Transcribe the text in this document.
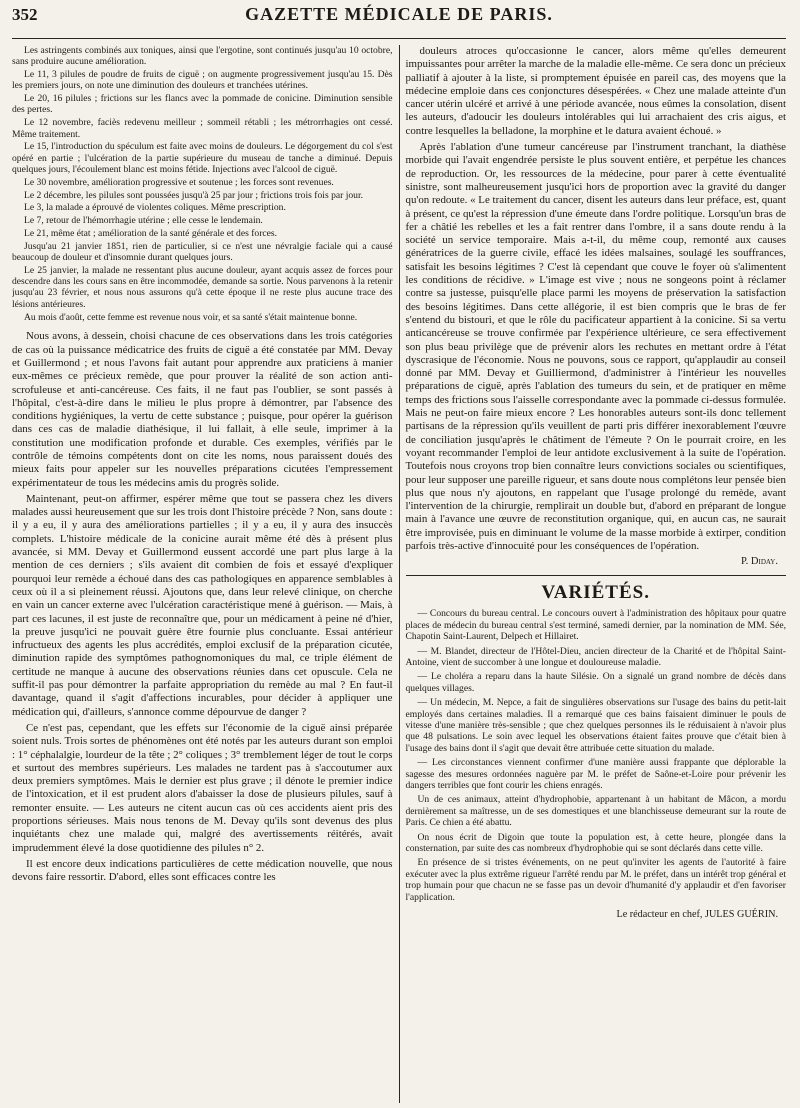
352	GAZETTE MÉDICALE DE PARIS.

Les astringents combinés aux toniques, ainsi que l'ergotine, sont continués jusqu'au 10 octobre, sans produire aucune amélioration.

Le 11, 3 pilules de poudre de fruits de ciguë ; on augmente progressivement jusqu'au 15. Dès les premiers jours, on note une diminution des douleurs et tranchées utérines.

Le 20, 16 pilules ; frictions sur les flancs avec la pommade de conicine. Diminution sensible des pertes.

Le 12 novembre, faciès redevenu meilleur ; sommeil rétabli ; les métrorrhagies ont cessé. Même traitement.

Le 15, l'introduction du spéculum est faite avec moins de douleurs. Le dégorgement du col s'est opéré en partie ; l'ulcération de la partie supérieure du museau de tanche a diminué. Depuis quelques jours, l'écoulement blanc est moins fétide. Injections avec l'alcool de ciguë.

Le 30 novembre, amélioration progressive et soutenue ; les forces sont revenues.

Le 2 décembre, les pilules sont poussées jusqu'à 25 par jour ; frictions trois fois par jour.

Le 3, la malade a éprouvé de violentes coliques. Même prescription.

Le 7, retour de l'hémorrhagie utérine ; elle cesse le lendemain.

Le 21, même état ; amélioration de la santé générale et des forces.

Jusqu'au 21 janvier 1851, rien de particulier, si ce n'est une névralgie faciale qui a causé beaucoup de douleur et d'insomnie durant quelques jours.

Le 25 janvier, la malade ne ressentant plus aucune douleur, ayant acquis assez de forces pour descendre dans les cours sans en être incommodée, demande sa sortie. Nous parvenons à la retenir jusqu'au 23 février, et nous nous assurons qu'à cette époque il ne reste plus aucune trace des lésions antérieures.

Au mois d'août, cette femme est revenue nous voir, et sa santé s'était maintenue bonne.

Nous avons, à dessein, choisi chacune de ces observations dans les trois catégories de cas où la puissance médicatrice des fruits de ciguë a été constatée par MM. Devay et Guillermond ; et nous l'avons fait autant pour apprendre aux praticiens à manier eux-mêmes ce précieux remède, que pour prouver la réalité de son action anti-scrofuleuse et anti-cancéreuse. Ces faits, il ne faut pas l'oublier, se sont passés à l'hôpital, c'est-à-dire dans le milieu le plus propre à démontrer, par l'absence des conditions hygiéniques, la vertu de cette substance ; puisque, pour opérer la guérison dans ces cas de maladie diathésique, il lui fallait, à elle seule, imprimer à la constitution une modification profonde et durable. Ces exemples, vérifiés par le contrôle de témoins compétents dont on cite les noms, nous paraissent doués des mieux faits pour appeler sur les nouvelles préparations cicutées l'empressement expérimentateur de tous les médecins amis du progrès solide.

Maintenant, peut-on affirmer, espérer même que tout se passera chez les divers malades aussi heureusement que sur les trois dont l'histoire précède ? Non, sans doute : il y a eu, il y aura des améliorations partielles ; il y a eu, il y aura des insuccès complets. L'histoire médicale de la conicine aurait même été dès à présent plus avancée, si MM. Devay et Guillermond eussent accordé une part plus large à la mention de ces derniers ; s'ils avaient dit combien de fois et essayé d'expliquer pourquoi leur remède a échoué dans des cas pathologiques en apparence semblables à ceux où il a si pleinement réussi. Ajoutons que, dans leur relevé clinique, on cherche en vain un cancer externe avec l'ulcération caractéristique mené à guérison. — Mais, à part ces lacunes, il est juste de reconnaître que, pour un médicament à peine né d'hier, la preuve jusqu'ici ne pouvait guère être fournie plus concluante. Essai antérieur infructueux des agents les plus accrédités, emploi exclusif de la préparation cicutée, diminution rapide des symptômes pathognomoniques du mal, ce triple élément de certitude ne manque à aucune des observations réunies dans cet opuscule. Cela ne suffit-il pas pour démontrer la parfaite appropriation du remède au mal ? En faut-il davantage, quand il s'agit d'affections incurables, pour décider à appliquer une médication qui, d'ailleurs, s'annonce comme dépourvue de danger ?

Ce n'est pas, cependant, que les effets sur l'économie de la ciguë ainsi préparée soient nuls. Trois sortes de phénomènes ont été notés par les auteurs durant son emploi : 1° céphalalgie, lourdeur de la tête ; 2° coliques ; 3° tremblement léger de tout le corps et surtout des membres supérieurs. Les malades ne tardent pas à s'accoutumer aux deux premiers symptômes. Mais le dernier est plus grave ; il dénote le premier indice de l'intoxication, et il est prudent alors d'abaisser la dose de plusieurs pilules, sauf à remonter ensuite. — Les auteurs ne citent aucun cas où ces accidents aient pris des proportions sérieuses. Mais nous tenons de M. Devay qu'ils sont devenus des plus inquiétants chez une malade qui, malgré des avertissements réitérés, avait imprudemment élevé la dose quotidienne des pilules n° 2.

Il est encore deux indications particulières de cette médication nouvelle, que nous devons faire ressortir. D'abord, elles sont efficaces contre les

douleurs atroces qu'occasionne le cancer, alors même qu'elles demeurent impuissantes pour arrêter la marche de la maladie elle-même. Ce sera donc un précieux palliatif à ajouter à la liste, si promptement épuisée en pareil cas, des moyens que la médecine emploie dans ces conjonctures désespérées. « Chez une malade atteinte d'un cancer utérin ulcéré et arrivé à une période avancée, nous eûmes la consolation, disent les auteurs, d'adoucir les douleurs intolérables qui lui arrachaient des cris aigus, et contre lesquelles la belladone, la morphine et le datura avaient échoué. »

Après l'ablation d'une tumeur cancéreuse par l'instrument tranchant, la diathèse morbide qui l'avait engendrée persiste le plus souvent entière, et perpétue les chances de reproduction. Or, les ressources de la médecine, pour parer à cette éventualité sinistre, sont malheureusement jusqu'ici hors de proportion avec la gravité du danger qu'on redoute. « Le traitement du cancer, disent les auteurs dans leur préface, est, quant à présent, ce qu'est la répression d'une émeute dans l'ordre politique. Lorsqu'un bras de fer a châtié les rebelles et les a fait rentrer dans l'ombre, il a sans doute rendu à la société un service temporaire. Mais a-t-il, du même coup, remonté aux causes génératrices de la guerre civile, effacé les idées malsaines, soulagé les souffrances, satisfait les besoins légitimes ? C'est là cependant que couve le foyer où s'alimentent les conditions de récidive. » L'image est vive ; nous ne songeons point à réclamer contre sa justesse, puisqu'elle place parmi les moyens de préservation la satisfaction des besoins légitimes. Dans cette allégorie, il est bien compris que le bras de fer s'entend du bistouri, et que le rôle du pacificateur appartient à la conicine. Si sa vertu anticancéreuse se trouve confirmée par l'expérience ultérieure, ce sera effectivement son plus beau privilège que de prévenir alors les rechutes en mettant ordre à l'état dyscrasique de l'économie. Nous ne pouvons, sous ce rapport, qu'applaudir au conseil donné par MM. Devay et Guilliermond, d'administrer à l'intérieur les nouvelles préparations de ciguë, après l'ablation des tumeurs du sein, et de pratiquer en même temps des frictions sous l'aisselle correspondante avec la pommade ci-dessus formulée. Mais ne peut-on faire mieux encore ? Les honorables auteurs sont-ils donc tellement partisans de la répression qu'ils veuillent de parti pris différer inexorablement l'œuvre de conciliation jusqu'après le châtiment de l'émeute ? On le pourrait croire, en les voyant recommander l'emploi de leur antidote exclusivement à la suite de l'opération. Toutefois nous croyons trop bien connaître leurs convictions sociales ou scientifiques, pour leur supposer une pareille rigueur, et sans doute nous complétons leur pensée bien plus que nous n'y ajoutons, en rappelant que l'usage prolongé du remède, avant l'intervention de la chirurgie, remplirait un double but, d'abord en préparant de longue main à l'avance une œuvre de reconstitution organique, qui, en aucun cas, ne saurait être improvisée, puis en diminuant le volume de la masse morbide à extirper, condition parfois très-active d'innocuité pour les conséquences de l'opération.

P. Diday.
VARIÉTÉS.

— Concours du bureau central. Le concours ouvert à l'administration des hôpitaux pour quatre places de médecin du bureau central s'est terminé, samedi dernier, par la nomination de MM. Sée, Chapotin Saint-Laurent, Delpech et Hillairet.

— M. Blandet, directeur de l'Hôtel-Dieu, ancien directeur de la Charité et de l'hôpital Saint-Antoine, vient de succomber à une longue et douloureuse maladie.

— Le choléra a reparu dans la haute Silésie. On a signalé un grand nombre de décès dans quelques villages.

— Un médecin, M. Nepce, a fait de singulières observations sur l'usage des bains du petit-lait employés dans certaines maladies. Il a remarqué que ces bains faisaient diminuer le pouls de vitesse d'une manière très-sensible ; que chez quelques personnes ils le réduisaient à n'avoir plus que 48 pulsations. Le soin avec lequel les observations étaient faites prouve que c'était bien à l'usage des bains dont il s'agit que devait être attribuée cette situation du malade.

— Les circonstances viennent confirmer d'une manière aussi frappante que déplorable la sagesse des mesures ordonnées naguère par M. le préfet de Saône-et-Loire pour prévenir les dangers terribles que font courir les chiens enragés.

Un de ces animaux, atteint d'hydrophobie, appartenant à un habitant de Mâcon, a mordu dernièrement sa maîtresse, un de ses domestiques et une blanchisseuse demeurant sur la route de Paris. Ce chien a été abattu.

On nous écrit de Digoin que toute la population est, à cette heure, plongée dans la consternation, par suite des cas nombreux d'hydrophobie qui se sont déclarés dans cette ville.

En présence de si tristes événements, on ne peut qu'inviter les agents de l'autorité à faire exécuter avec la plus extrême rigueur l'arrêté rendu par M. le préfet, dans un intérêt trop général et trop humain pour que chacun ne se fasse pas un devoir d'humanité d'y applaudir et d'en favoriser l'application.

Le rédacteur en chef, JULES GUÉRIN.
